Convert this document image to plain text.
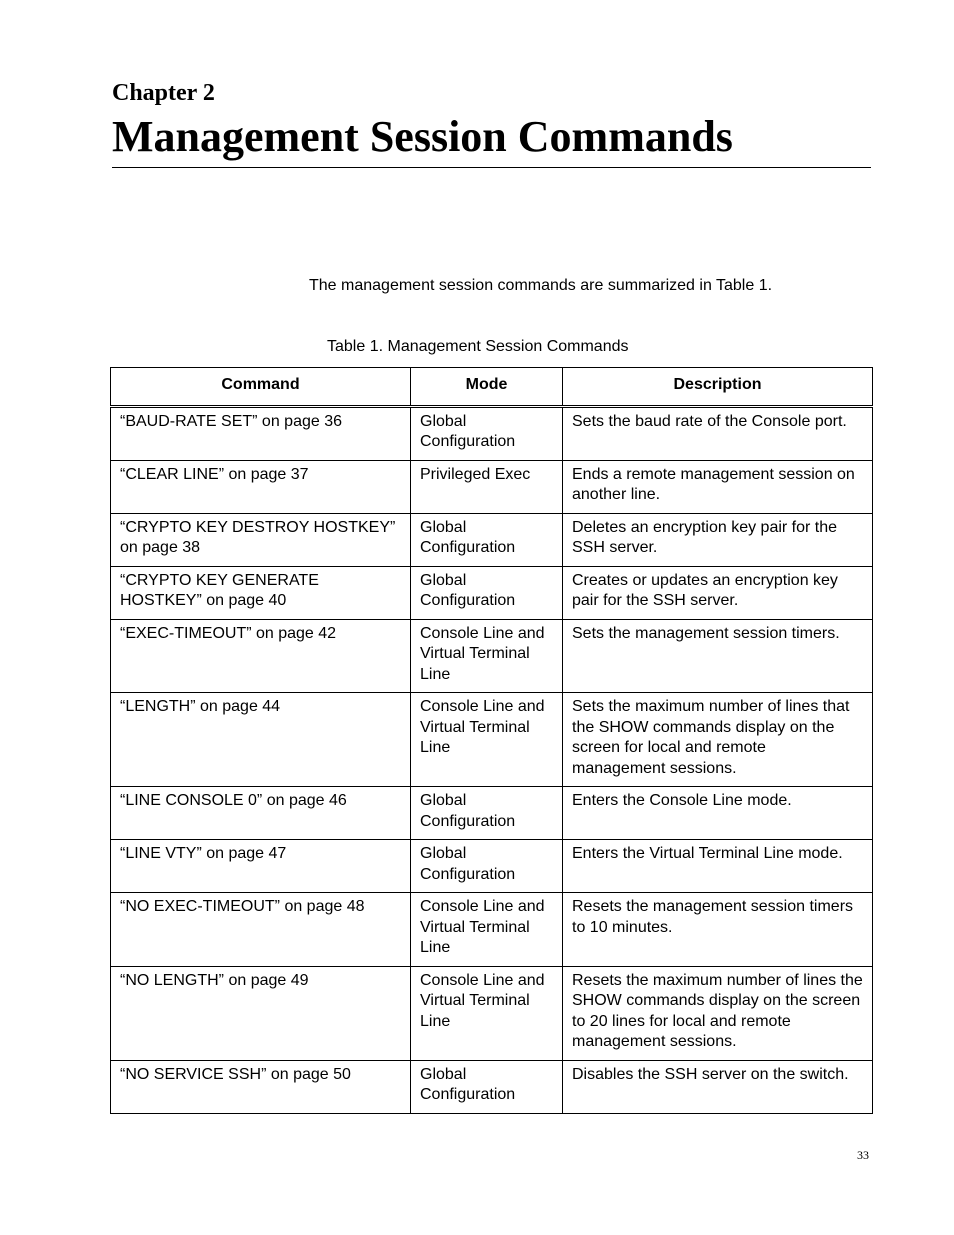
Chapter 2
Management Session Commands

The management session commands are summarized in Table 1.

Table 1. Management Session Commands

Command	Mode	Description
“BAUD-RATE SET” on page 36	Global Configuration	Sets the baud rate of the Console port.
“CLEAR LINE” on page 37	Privileged Exec	Ends a remote management session on another line.
“CRYPTO KEY DESTROY HOSTKEY” on page 38	Global Configuration	Deletes an encryption key pair for the SSH server.
“CRYPTO KEY GENERATE HOSTKEY” on page 40	Global Configuration	Creates or updates an encryption key pair for the SSH server.
“EXEC-TIMEOUT” on page 42	Console Line and Virtual Terminal Line	Sets the management session timers.
“LENGTH” on page 44	Console Line and Virtual Terminal Line	Sets the maximum number of lines that the SHOW commands display on the screen for local and remote management sessions.
“LINE CONSOLE 0” on page 46	Global Configuration	Enters the Console Line mode.
“LINE VTY” on page 47	Global Configuration	Enters the Virtual Terminal Line mode.
“NO EXEC-TIMEOUT” on page 48	Console Line and Virtual Terminal Line	Resets the management session timers to 10 minutes.
“NO LENGTH” on page 49	Console Line and Virtual Terminal Line	Resets the maximum number of lines the SHOW commands display on the screen to 20 lines for local and remote management sessions.
“NO SERVICE SSH” on page 50	Global Configuration	Disables the SSH server on the switch.
33
